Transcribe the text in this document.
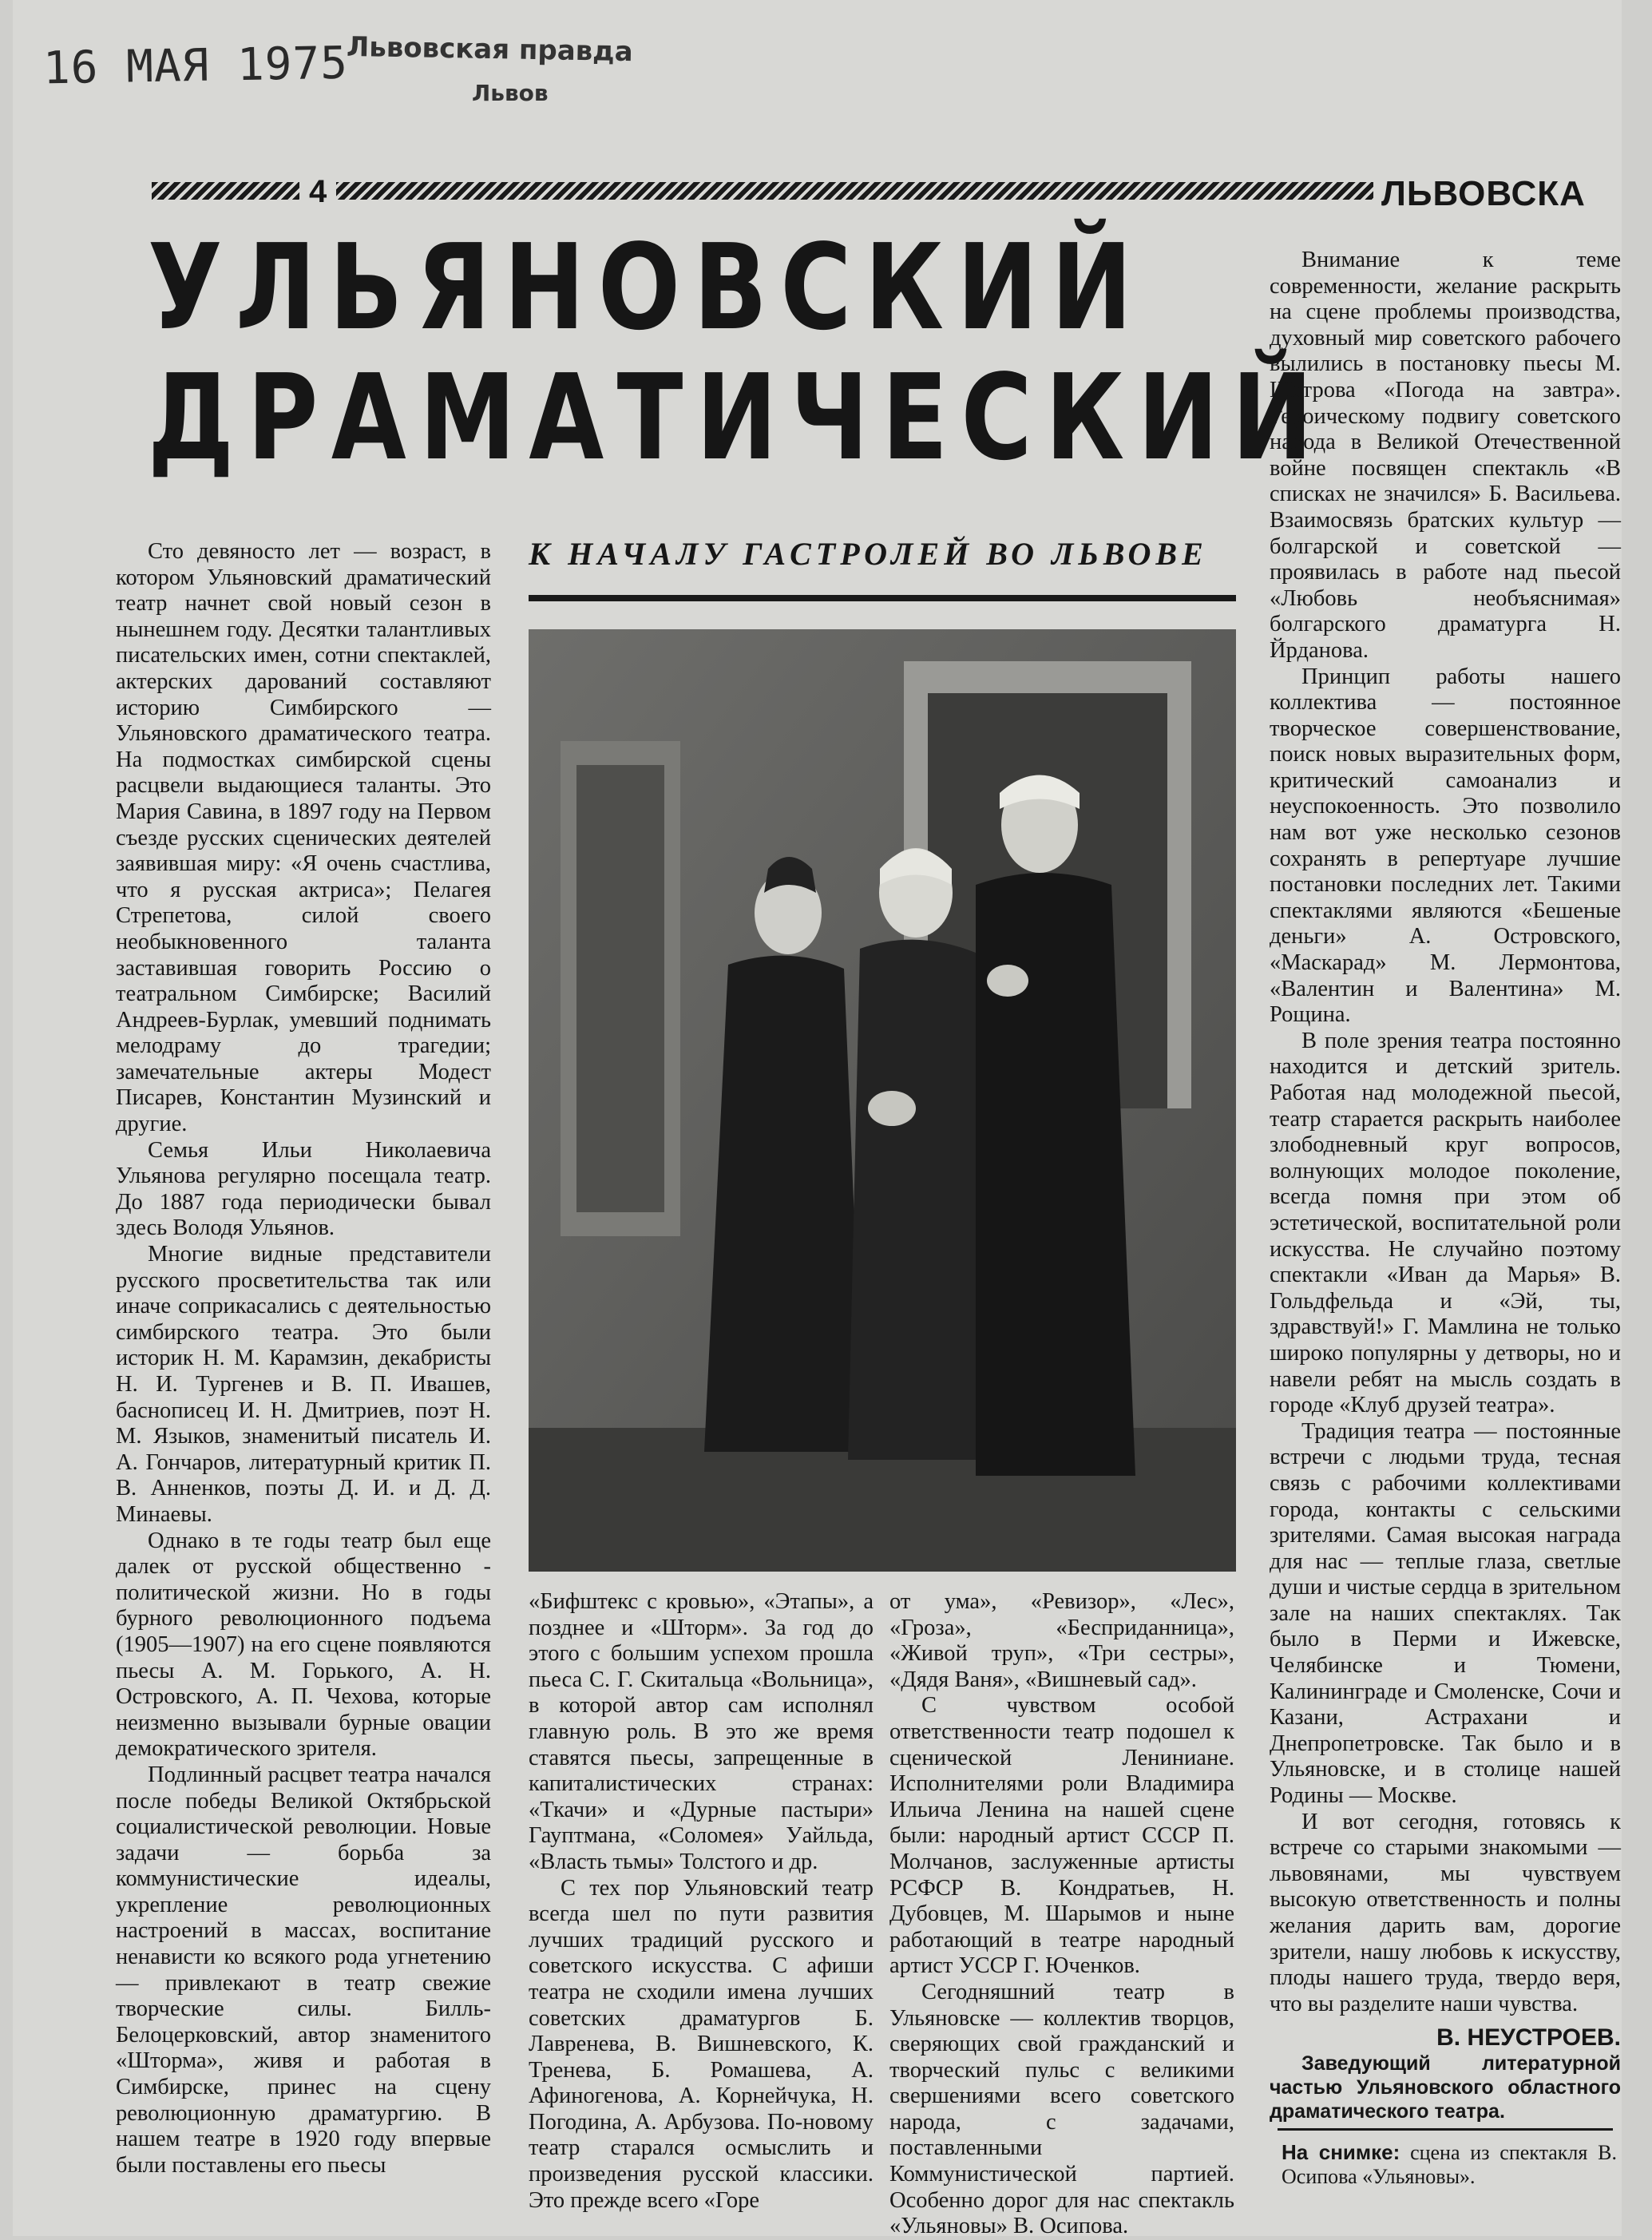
16 МАЯ 1975
Львовская правда
Львов
4	ЛЬВОВСКА
УЛЬЯНОВСКИЙ
ДРАМАТИЧЕСКИЙ
К НАЧАЛУ ГАСТРОЛЕЙ ВО ЛЬВОВЕ

Сто девяносто лет — возраст, в котором Ульяновский драматический театр начнет свой новый сезон в нынешнем году. Десятки талантливых писательских имен, сотни спектаклей, актерских дарований составляют историю Симбирского — Ульяновского драматического театра. На подмостках симбирской сцены расцвели выдающиеся таланты. Это Мария Савина, в 1897 году на Первом съезде русских сценических деятелей заявившая миру: «Я очень счастлива, что я русская актриса»; Пелагея Стрепетова, силой своего необыкновенного таланта заставившая говорить Россию о театральном Симбирске; Василий Андреев-Бурлак, умевший поднимать мелодраму до трагедии; замечательные актеры Модест Писарев, Константин Музинский и другие.

Семья Ильи Николаевича Ульянова регулярно посещала театр. До 1887 года периодически бывал здесь Володя Ульянов.

Многие видные представители русского просветительства так или иначе соприкасались с деятельностью симбирского театра. Это были историк Н. М. Карамзин, декабристы Н. И. Тургенев и В. П. Ивашев, баснописец И. Н. Дмитриев, поэт Н. М. Языков, знаменитый писатель И. А. Гончаров, литературный критик П. В. Анненков, поэты Д. И. и Д. Д. Минаевы.

Однако в те годы театр был еще далек от русской общественно - политической жизни. Но в годы бурного революционного подъема (1905—1907) на его сцене появляются пьесы А. М. Горького, А. Н. Островского, А. П. Чехова, которые неизменно вызывали бурные овации демократического зрителя.

Подлинный расцвет театра начался после победы Великой Октябрьской социалистической революции. Новые задачи — борьба за коммунистические идеалы, укрепление революционных настроений в массах, воспитание ненависти ко всякого рода угнетению — привлекают в театр свежие творческие силы. Билль-Белоцерковский, автор знаменитого «Шторма», живя и работая в Симбирске, принес на сцену революционную драматургию. В нашем театре в 1920 году впервые были поставлены его пьесы

«Бифштекс с кровью», «Этапы», а позднее и «Шторм». За год до этого с большим успехом прошла пьеса С. Г. Скитальца «Вольница», в которой автор сам исполнял главную роль. В это же время ставятся пьесы, запрещенные в капиталистических странах: «Ткачи» и «Дурные пастыри» Гауптмана, «Соломея» Уайльда, «Власть тьмы» Толстого и др.

С тех пор Ульяновский театр всегда шел по пути развития лучших традиций русского и советского искусства. С афиши театра не сходили имена лучших советских драматургов Б. Лавренева, В. Вишневского, К. Тренева, Б. Ромашева, А. Афиногенова, А. Корнейчука, Н. Погодина, А. Арбузова. По-новому театр старался осмыслить и произведения русской классики. Это прежде всего «Горе

от ума», «Ревизор», «Лес», «Гроза», «Бесприданница», «Живой труп», «Три сестры», «Дядя Ваня», «Вишневый сад».

С чувством особой ответственности театр подошел к сценической Лениниане. Исполнителями роли Владимира Ильича Ленина на нашей сцене были: народный артист СССР П. Молчанов, заслуженные артисты РСФСР В. Кондратьев, Н. Дубовцев, М. Шарымов и ныне работающий в театре народный артист УССР Г. Юченков.

Сегодняшний театр в Ульяновске — коллектив творцов, сверяющих свой гражданский и творческий пульс с великими свершениями всего советского народа, с задачами, поставленными Коммунистической партией. Особенно дорог для нас спектакль «Ульяновы» В. Осипова.

Внимание к теме современности, желание раскрыть на сцене проблемы производства, духовный мир советского рабочего вылились в постановку пьесы М. Шатрова «Погода на завтра». Героическому подвигу советского народа в Великой Отечественной войне посвящен спектакль «В списках не значился» Б. Васильева. Взаимосвязь братских культур — болгарской и советской — проявилась в работе над пьесой «Любовь необъяснимая» болгарского драматурга Н. Йрданова.

Принцип работы нашего коллектива — постоянное творческое совершенствование, поиск новых выразительных форм, критический самоанализ и неуспокоенность. Это позволило нам вот уже несколько сезонов сохранять в репертуаре лучшие постановки последних лет. Такими спектаклями являются «Бешеные деньги» А. Островского, «Маскарад» М. Лермонтова, «Валентин и Валентина» М. Рощина.

В поле зрения театра постоянно находится и детский зритель. Работая над молодежной пьесой, театр старается раскрыть наиболее злободневный круг вопросов, волнующих молодое поколение, всегда помня при этом об эстетической, воспитательной роли искусства. Не случайно поэтому спектакли «Иван да Марья» В. Гольдфельда и «Эй, ты, здравствуй!» Г. Мамлина не только широко популярны у детворы, но и навели ребят на мысль создать в городе «Клуб друзей театра».

Традиция театра — постоянные встречи с людьми труда, тесная связь с рабочими коллективами города, контакты с сельскими зрителями. Самая высокая награда для нас — теплые глаза, светлые души и чистые сердца в зрительном зале на наших спектаклях. Так было в Перми и Ижевске, Челябинске и Тюмени, Калининграде и Смоленске, Сочи и Казани, Астрахани и Днепропетровске. Так было и в Ульяновске, и в столице нашей Родины — Москве.

И вот сегодня, готовясь к встрече со старыми знакомыми — львовянами, мы чувствуем высокую ответственность и полны желания дарить вам, дорогие зрители, нашу любовь к искусству, плоды нашего труда, твердо веря, что вы разделите наши чувства.

В. НЕУСТРОЕВ.

Заведующий литературной частью Ульяновского областного драматического театра.

На снимке: сцена из спектакля В. Осипова «Ульяновы».
